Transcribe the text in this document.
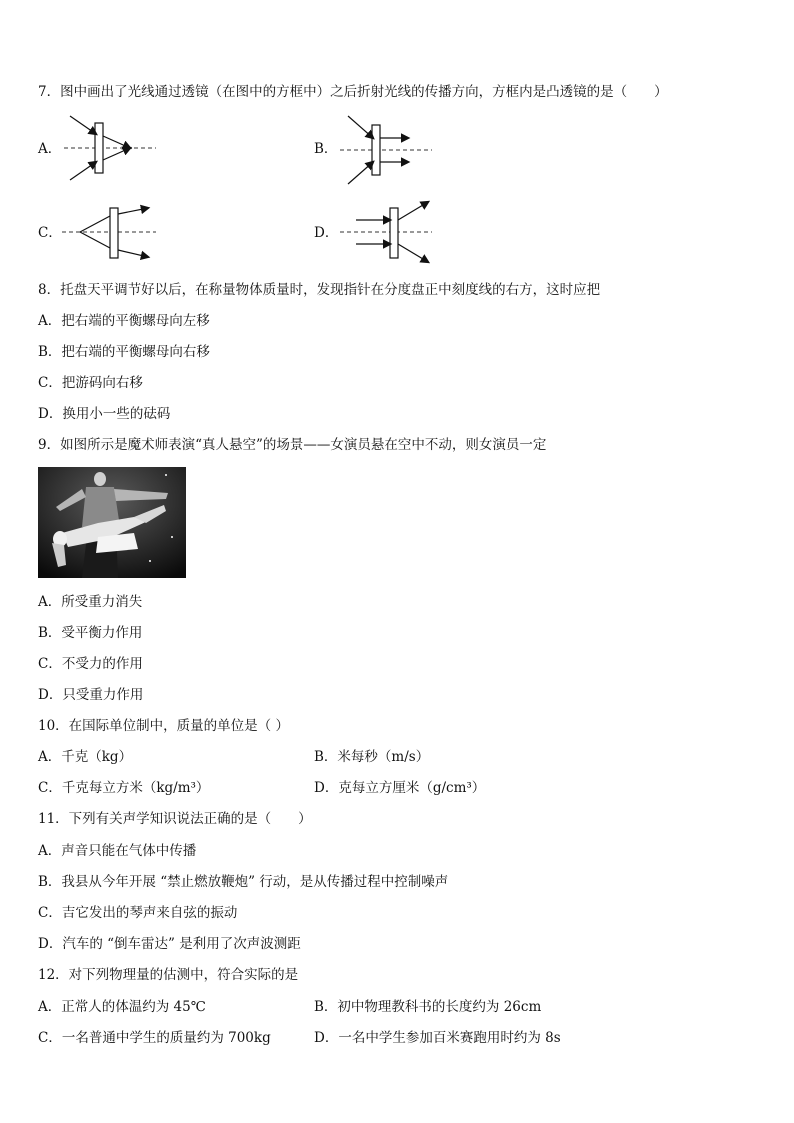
7．图中画出了光线通过透镜（在图中的方框中）之后折射光线的传播方向，方框内是凸透镜的是（　　）
A．	B．
C．	D．
8．托盘天平调节好以后，在称量物体质量时，发现指针在分度盘正中刻度线的右方，这时应把
A．把右端的平衡螺母向左移
B．把右端的平衡螺母向右移
C．把游码向右移
D．换用小一些的砝码
9．如图所示是魔术师表演“真人悬空”的场景——女演员悬在空中不动，则女演员一定
A．所受重力消失
B．受平衡力作用
C．不受力的作用
D．只受重力作用
10．在国际单位制中，质量的单位是（ ）
A．千克（kg）	B．米每秒（m/s）
C．千克每立方米（kg/m³）	D．克每立方厘米（g/cm³）
11．下列有关声学知识说法正确的是（　　）
A．声音只能在气体中传播
B．我县从今年开展 “禁止燃放鞭炮” 行动，是从传播过程中控制噪声
C．吉它发出的琴声来自弦的振动
D．汽车的 “倒车雷达” 是利用了次声波测距
12．对下列物理量的估测中，符合实际的是
A．正常人的体温约为 45℃	B．初中物理教科书的长度约为 26cm
C．一名普通中学生的质量约为 700kg	D．一名中学生参加百米赛跑用时约为 8s
